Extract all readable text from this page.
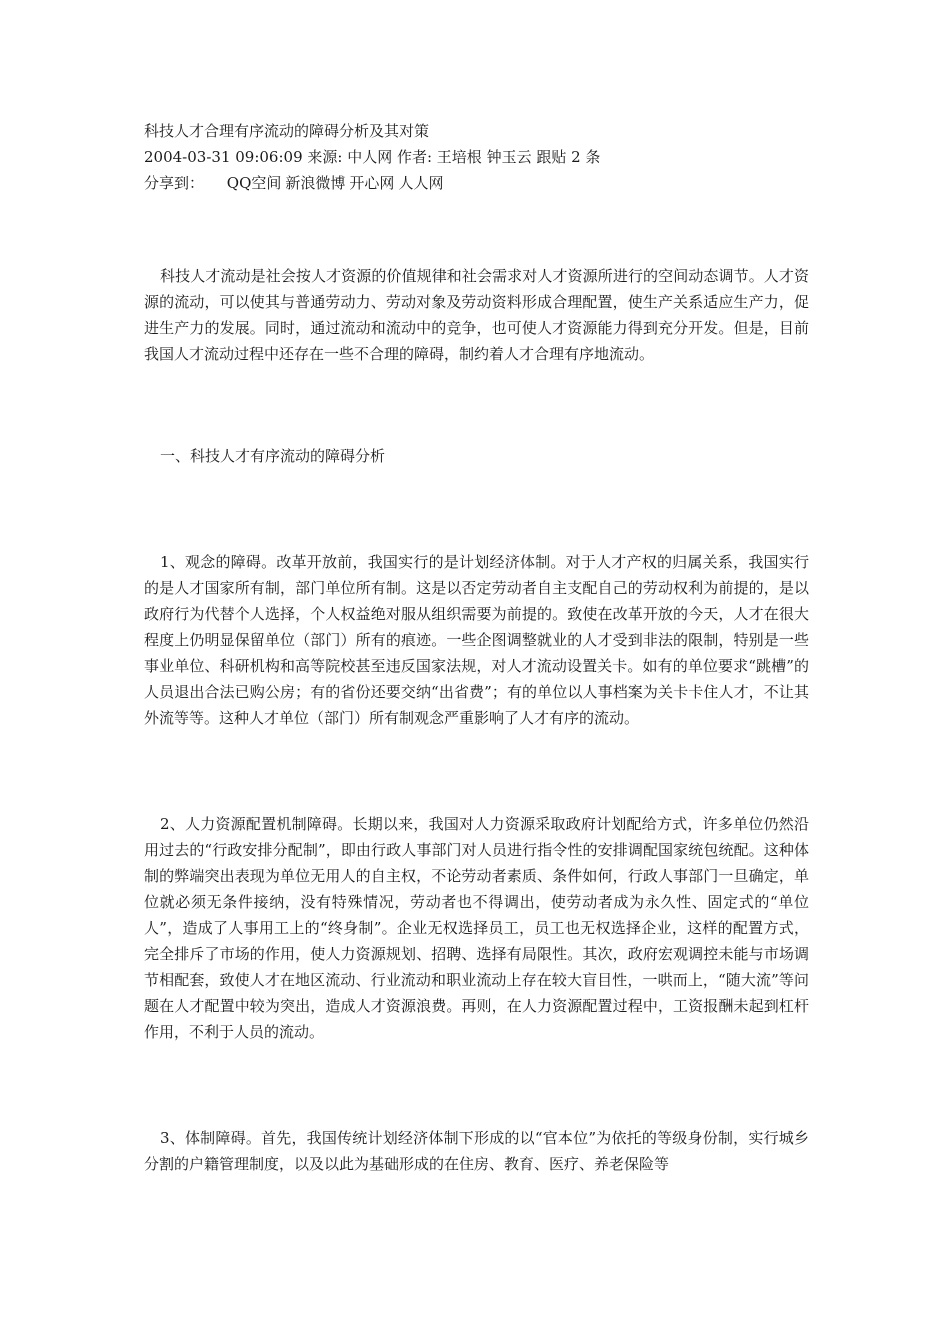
科技人才合理有序流动的障碍分析及其对策
2004-03-31 09:06:09 来源: 中人网 作者: 王培根 钟玉云 跟贴 2 条
分享到： QQ空间 新浪微博 开心网 人人网

科技人才流动是社会按人才资源的价值规律和社会需求对人才资源所进行的空间动态调节。人才资源的流动，可以使其与普通劳动力、劳动对象及劳动资料形成合理配置，使生产关系适应生产力，促进生产力的发展。同时，通过流动和流动中的竞争，也可使人才资源能力得到充分开发。但是，目前我国人才流动过程中还存在一些不合理的障碍，制约着人才合理有序地流动。

一、科技人才有序流动的障碍分析

1、观念的障碍。改革开放前，我国实行的是计划经济体制。对于人才产权的归属关系，我国实行的是人才国家所有制，部门单位所有制。这是以否定劳动者自主支配自己的劳动权利为前提的，是以政府行为代替个人选择，个人权益绝对服从组织需要为前提的。致使在改革开放的今天，人才在很大程度上仍明显保留单位（部门）所有的痕迹。一些企图调整就业的人才受到非法的限制，特别是一些事业单位、科研机构和高等院校甚至违反国家法规，对人才流动设置关卡。如有的单位要求“跳槽”的人员退出合法已购公房；有的省份还要交纳“出省费”；有的单位以人事档案为关卡卡住人才，不让其外流等等。这种人才单位（部门）所有制观念严重影响了人才有序的流动。

2、人力资源配置机制障碍。长期以来，我国对人力资源采取政府计划配给方式，许多单位仍然沿用过去的“行政安排分配制”，即由行政人事部门对人员进行指令性的安排调配国家统包统配。这种体制的弊端突出表现为单位无用人的自主权，不论劳动者素质、条件如何，行政人事部门一旦确定，单位就必须无条件接纳，没有特殊情况，劳动者也不得调出，使劳动者成为永久性、固定式的“单位人”，造成了人事用工上的“终身制”。企业无权选择员工，员工也无权选择企业，这样的配置方式，完全排斥了市场的作用，使人力资源规划、招聘、选择有局限性。其次，政府宏观调控未能与市场调节相配套，致使人才在地区流动、行业流动和职业流动上存在较大盲目性，一哄而上，“随大流”等问题在人才配置中较为突出，造成人才资源浪费。再则，在人力资源配置过程中，工资报酬未起到杠杆作用，不利于人员的流动。

3、体制障碍。首先，我国传统计划经济体制下形成的以“官本位”为依托的等级身份制，实行城乡分割的户籍管理制度，以及以此为基础形成的在住房、教育、医疗、养老保险等
